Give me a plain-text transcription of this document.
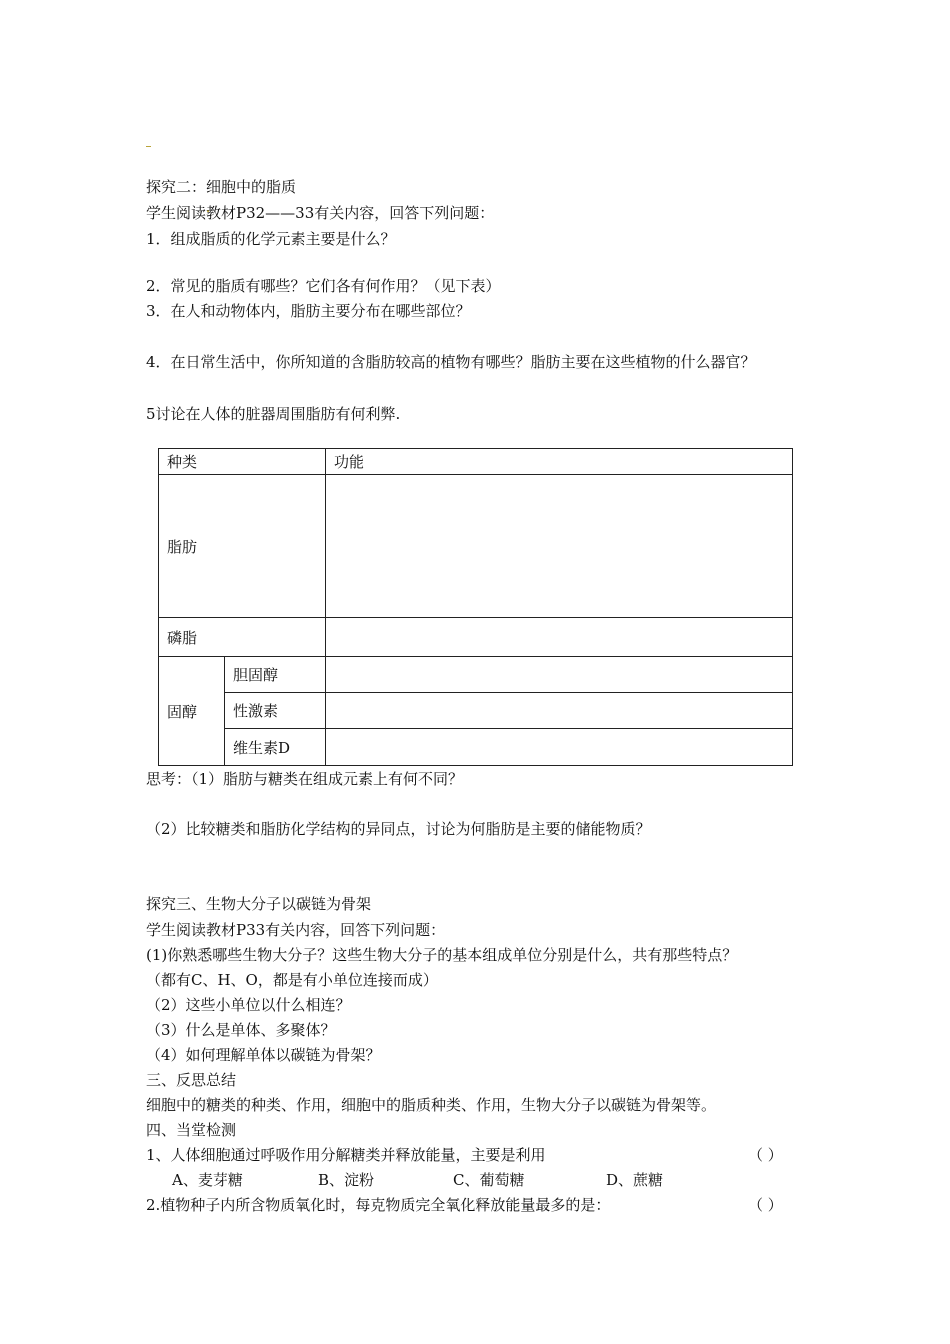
探究二：细胞中的脂质
学生阅读教材P32——33有关内容，回答下列问题：
1．组成脂质的化学元素主要是什么？
2．常见的脂质有哪些？它们各有何作用？（见下表）
3．在人和动物体内，脂肪主要分布在哪些部位？
4．在日常生活中，你所知道的含脂肪较高的植物有哪些？脂肪主要在这些植物的什么器官？
5讨论在人体的脏器周围脂肪有何利弊.
种类		功能
脂肪		
磷脂		
固醇	胆固醇	
	性激素	
	维生素D	
思考：（1）脂肪与糖类在组成元素上有何不同？
（2）比较糖类和脂肪化学结构的异同点，讨论为何脂肪是主要的储能物质？
探究三、生物大分子以碳链为骨架
学生阅读教材P33有关内容，回答下列问题：
(1)你熟悉哪些生物大分子？这些生物大分子的基本组成单位分别是什么，共有那些特点？
（都有C、H、O，都是有小单位连接而成）
（2）这些小单位以什么相连？
（3）什么是单体、多聚体？
（4）如何理解单体以碳链为骨架？
三、反思总结
细胞中的糖类的种类、作用，细胞中的脂质种类、作用，生物大分子以碳链为骨架等。
四、当堂检测
1、人体细胞通过呼吸作用分解糖类并释放能量，主要是利用	（ ）
A、麦芽糖	B、淀粉	C、葡萄糖	D、蔗糖
2.植物种子内所含物质氧化时，每克物质完全氧化释放能量最多的是：	（ ）
